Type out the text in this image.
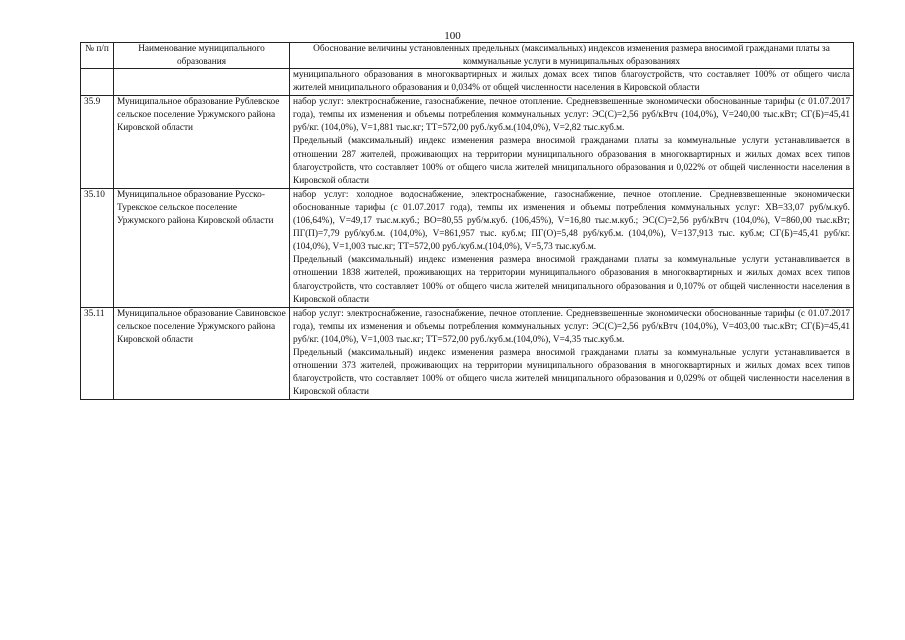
100
№ п/п	Наименование муниципального образования	Обоснование величины установленных предельных (максимальных) индексов изменения размера вносимой гражданами платы за коммунальные услуги в муниципальных образованиях

		муниципального образования в многоквартирных и жилых домах всех типов благоустройств, что составляет 100% от общего числа жителей мниципального образования и 0,034% от общей численности населения в Кировской области

35.9	Муниципальное образование Рублевское сельское поселение Уржумского района Кировской области	набор услуг: электроснабжение, газоснабжение, печное отопление. Средневзвешенные экономически обоснованные тарифы (с 01.07.2017 года), темпы их изменения и объемы потребления коммунальных услуг: ЭС(С)=2,56 руб/кВтч (104,0%), V=240,00 тыс.кВт; СГ(Б)=45,41 руб/кг. (104,0%), V=1,881 тыс.кг; ТТ=572,00 руб./куб.м.(104,0%), V=2,82 тыс.куб.м.

Предельный (максимальный) индекс изменения размера вносимой гражданами платы за коммунальные услуги устанавливается в отношении 287 жителей, проживающих на территории муниципального образования в многоквартирных и жилых домах всех типов благоустройств, что составляет 100% от общего числа жителей мниципального образования и 0,022% от общей численности населения в Кировской области

35.10	Муниципальное образование Русско-Турекское сельское поселение Уржумского района Кировской области	набор услуг: холодное водоснабжение, электроснабжение, газоснабжение, печное отопление. Средневзвешенные экономически обоснованные тарифы (с 01.07.2017 года), темпы их изменения и объемы потребления коммунальных услуг: ХВ=33,07 руб/м.куб. (106,64%), V=49,17 тыс.м.куб.; ВО=80,55 руб/м.куб. (106,45%), V=16,80 тыс.м.куб.; ЭС(С)=2,56 руб/кВтч (104,0%), V=860,00 тыс.кВт; ПГ(П)=7,79 руб/куб.м. (104,0%), V=861,957 тыс. куб.м; ПГ(О)=5,48 руб/куб.м. (104,0%), V=137,913 тыс. куб.м; СГ(Б)=45,41 руб/кг. (104,0%), V=1,003 тыс.кг; ТТ=572,00 руб./куб.м.(104,0%), V=5,73 тыс.куб.м.

Предельный (максимальный) индекс изменения размера вносимой гражданами платы за коммунальные услуги устанавливается в отношении 1838 жителей, проживающих на территории муниципального образования в многоквартирных и жилых домах всех типов благоустройств, что составляет 100% от общего числа жителей мниципального образования и 0,107% от общей численности населения в Кировской области

35.11	Муниципальное образование Савиновское сельское поселение Уржумского района Кировской области	набор услуг: электроснабжение, газоснабжение, печное отопление. Средневзвешенные экономически обоснованные тарифы (с 01.07.2017 года), темпы их изменения и объемы потребления коммунальных услуг: ЭС(С)=2,56 руб/кВтч (104,0%), V=403,00 тыс.кВт; СГ(Б)=45,41 руб/кг. (104,0%), V=1,003 тыс.кг; ТТ=572,00 руб./куб.м.(104,0%), V=4,35 тыс.куб.м.

Предельный (максимальный) индекс изменения размера вносимой гражданами платы за коммунальные услуги устанавливается в отношении 373 жителей, проживающих на территории муниципального образования в многоквартирных и жилых домах всех типов благоустройств, что составляет 100% от общего числа жителей мниципального образования и 0,029% от общей численности населения в Кировской области
